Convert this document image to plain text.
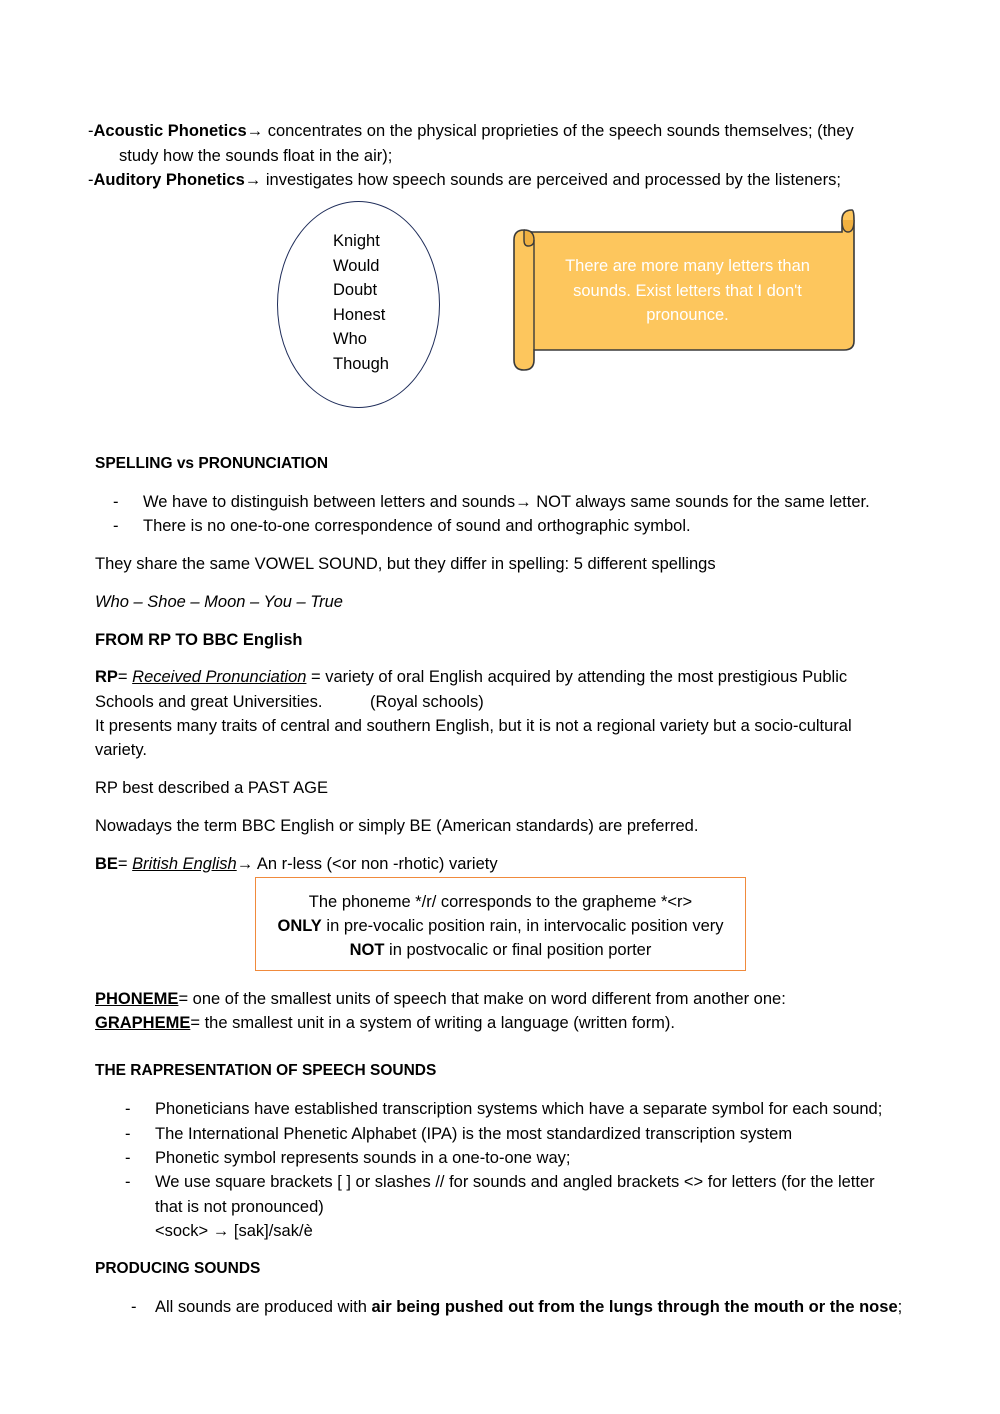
-Acoustic Phonetics→ concentrates on the physical proprieties of the speech sounds themselves; (they
study how the sounds float in the air);
-Auditory Phonetics→ investigates how speech sounds are perceived and processed by the listeners;
Knight
Would
Doubt
Honest
Who
Though
There are more many letters than
sounds. Exist letters that I don't
pronounce.
SPELLING vs PRONUNCIATION
- We have to distinguish between letters and sounds→ NOT always same sounds for the same letter.
- There is no one-to-one correspondence of sound and orthographic symbol.
They share the same VOWEL SOUND, but they differ in spelling: 5 different spellings
Who – Shoe – Moon – You – True
FROM RP TO BBC English
RP= Received Pronunciation = variety of oral English acquired by attending the most prestigious Public
Schools and great Universities.	(Royal schools)
It presents many traits of central and southern English, but it is not a regional variety but a socio-cultural
variety.
RP best described a PAST AGE
Nowadays the term BBC English or simply BE (American standards) are preferred.
BE= British English→ An r-less (<or non -rhotic) variety
The phoneme */r/ corresponds to the grapheme *<r>
ONLY in pre-vocalic position rain, in intervocalic position very
NOT in postvocalic or final position porter
PHONEME= one of the smallest units of speech that make on word different from another one:
GRAPHEME= the smallest unit in a system of writing a language (written form).
THE RAPRESENTATION OF SPEECH SOUNDS
- Phoneticians have established transcription systems which have a separate symbol for each sound;
- The International Phenetic Alphabet (IPA) is the most standardized transcription system
- Phonetic symbol represents sounds in a one-to-one way;
- We use square brackets [ ] or slashes // for sounds and angled brackets <> for letters (for the letter
that is not pronounced)
<sock> → [sak]/sak/è
PRODUCING SOUNDS
- All sounds are produced with air being pushed out from the lungs through the mouth or the nose;
